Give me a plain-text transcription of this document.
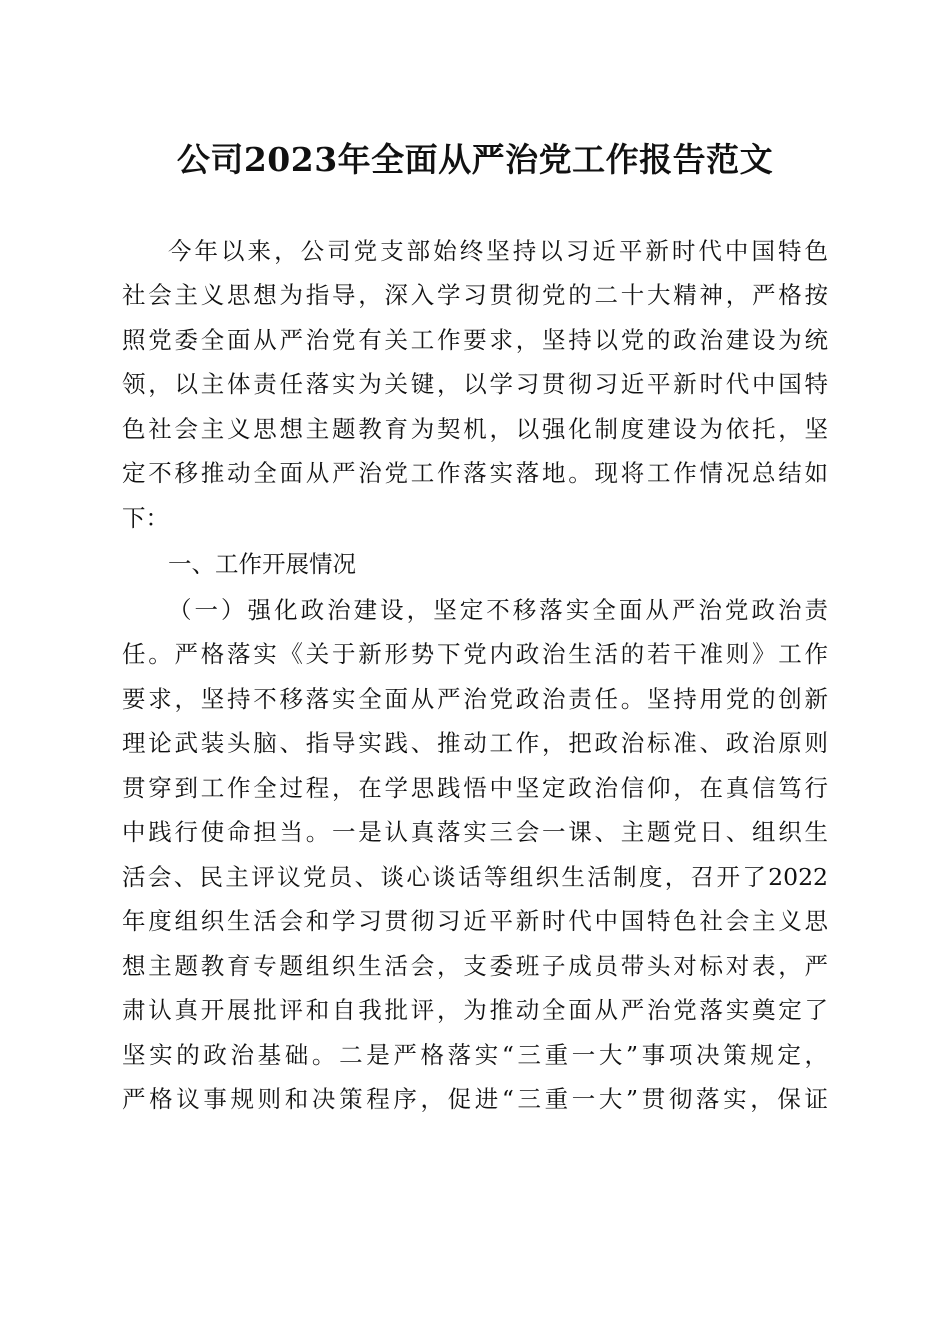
公司2023年全面从严治党工作报告范文
今年以来，公司党支部始终坚持以习近平新时代中国特色
社会主义思想为指导，深入学习贯彻党的二十大精神，严格按
照党委全面从严治党有关工作要求，坚持以党的政治建设为统
领，以主体责任落实为关键，以学习贯彻习近平新时代中国特
色社会主义思想主题教育为契机，以强化制度建设为依托，坚
定不移推动全面从严治党工作落实落地。现将工作情况总结如
下：
一、工作开展情况
（一）强化政治建设，坚定不移落实全面从严治党政治责
任。严格落实《关于新形势下党内政治生活的若干准则》工作
要求，坚持不移落实全面从严治党政治责任。坚持用党的创新
理论武装头脑、指导实践、推动工作，把政治标准、政治原则
贯穿到工作全过程，在学思践悟中坚定政治信仰，在真信笃行
中践行使命担当。一是认真落实三会一课、主题党日、组织生
活会、民主评议党员、谈心谈话等组织生活制度，召开了2022
年度组织生活会和学习贯彻习近平新时代中国特色社会主义思
想主题教育专题组织生活会，支委班子成员带头对标对表，严
肃认真开展批评和自我批评，为推动全面从严治党落实奠定了
坚实的政治基础。二是严格落实“三重一大”事项决策规定，
严格议事规则和决策程序，促进“三重一大”贯彻落实，保证
